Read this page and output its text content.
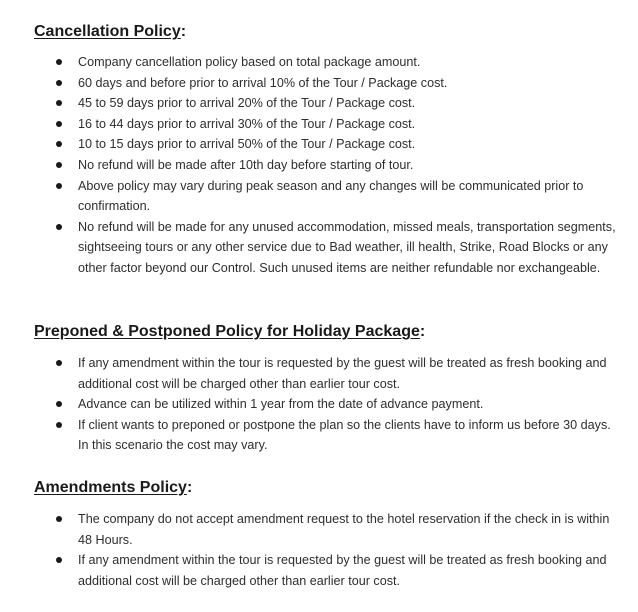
Cancellation Policy:
Company cancellation policy based on total package amount.
60 days and before prior to arrival 10% of the Tour / Package cost.
45 to 59 days prior to arrival 20% of the Tour / Package cost.
16 to 44 days prior to arrival 30% of the Tour / Package cost.
10 to 15 days prior to arrival 50% of the Tour / Package cost.
No refund will be made after 10th day before starting of tour.
Above policy may vary during peak season and any changes will be communicated prior to confirmation.
No refund will be made for any unused accommodation, missed meals, transportation segments, sightseeing tours or any other service due to Bad weather, ill health, Strike, Road Blocks or any other factor beyond our Control. Such unused items are neither refundable nor exchangeable.
Preponed & Postponed Policy for Holiday Package:
If any amendment within the tour is requested by the guest will be treated as fresh booking and additional cost will be charged other than earlier tour cost.
Advance can be utilized within 1 year from the date of advance payment.
If client wants to preponed or postpone the plan so the clients have to inform us before 30 days. In this scenario the cost may vary.
Amendments Policy:
The company do not accept amendment request to the hotel reservation if the check in is within 48 Hours.
If any amendment within the tour is requested by the guest will be treated as fresh booking and additional cost will be charged other than earlier tour cost.
